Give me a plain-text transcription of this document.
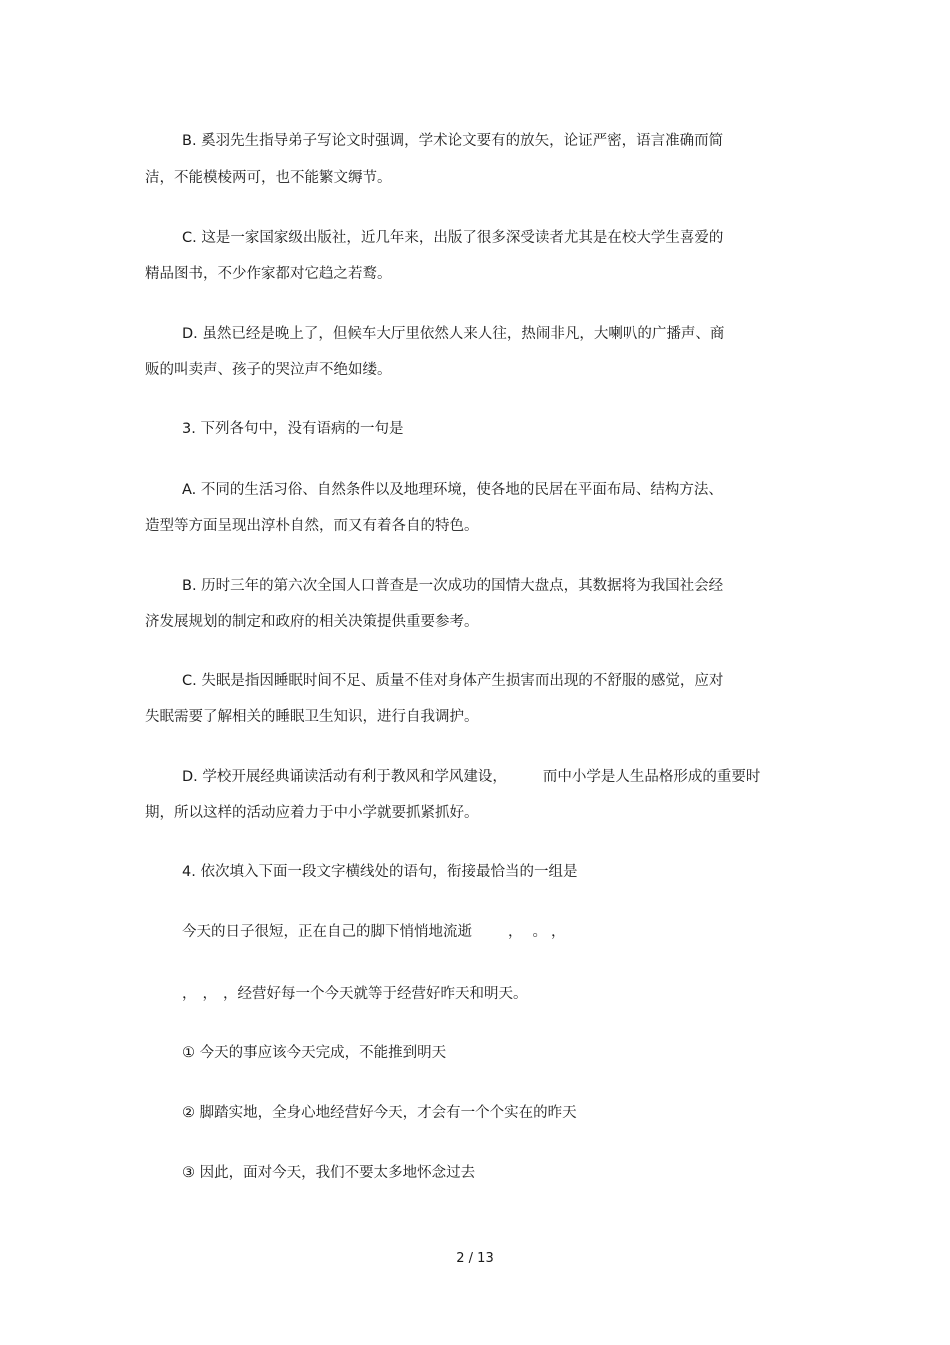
B. 奚羽先生指导弟子写论文时强调，学术论文要有的放矢，论证严密，语言准确而简
洁，不能模棱两可，也不能繁文缛节。
C. 这是一家国家级出版社，近几年来，出版了很多深受读者尤其是在校大学生喜爱的
精品图书，不少作家都对它趋之若鹜。
D. 虽然已经是晚上了，但候车大厅里依然人来人往，热闹非凡，大喇叭的广播声、商
贩的叫卖声、孩子的哭泣声不绝如缕。
3. 下列各句中，没有语病的一句是
A. 不同的生活习俗、自然条件以及地理环境，使各地的民居在平面布局、结构方法、
造型等方面呈现出淳朴自然，而又有着各自的特色。
B. 历时三年的第六次全国人口普查是一次成功的国情大盘点，其数据将为我国社会经
济发展规划的制定和政府的相关决策提供重要参考。
C. 失眠是指因睡眠时间不足、质量不佳对身体产生损害而出现的不舒服的感觉，应对
失眠需要了解相关的睡眠卫生知识，进行自我调护。
D. 学校开展经典诵读活动有利于教风和学风建设， 而中小学是人生品格形成的重要时
期，所以这样的活动应着力于中小学就要抓紧抓好。
4. 依次填入下面一段文字横线处的语句，衔接最恰当的一组是
今天的日子很短，正在自己的脚下悄悄地流逝 ， 。 ，
， ， ，经营好每一个今天就等于经营好昨天和明天。
① 今天的事应该今天完成，不能推到明天
② 脚踏实地，全身心地经营好今天，才会有一个个实在的昨天
③ 因此，面对今天，我们不要太多地怀念过去
2 / 13
